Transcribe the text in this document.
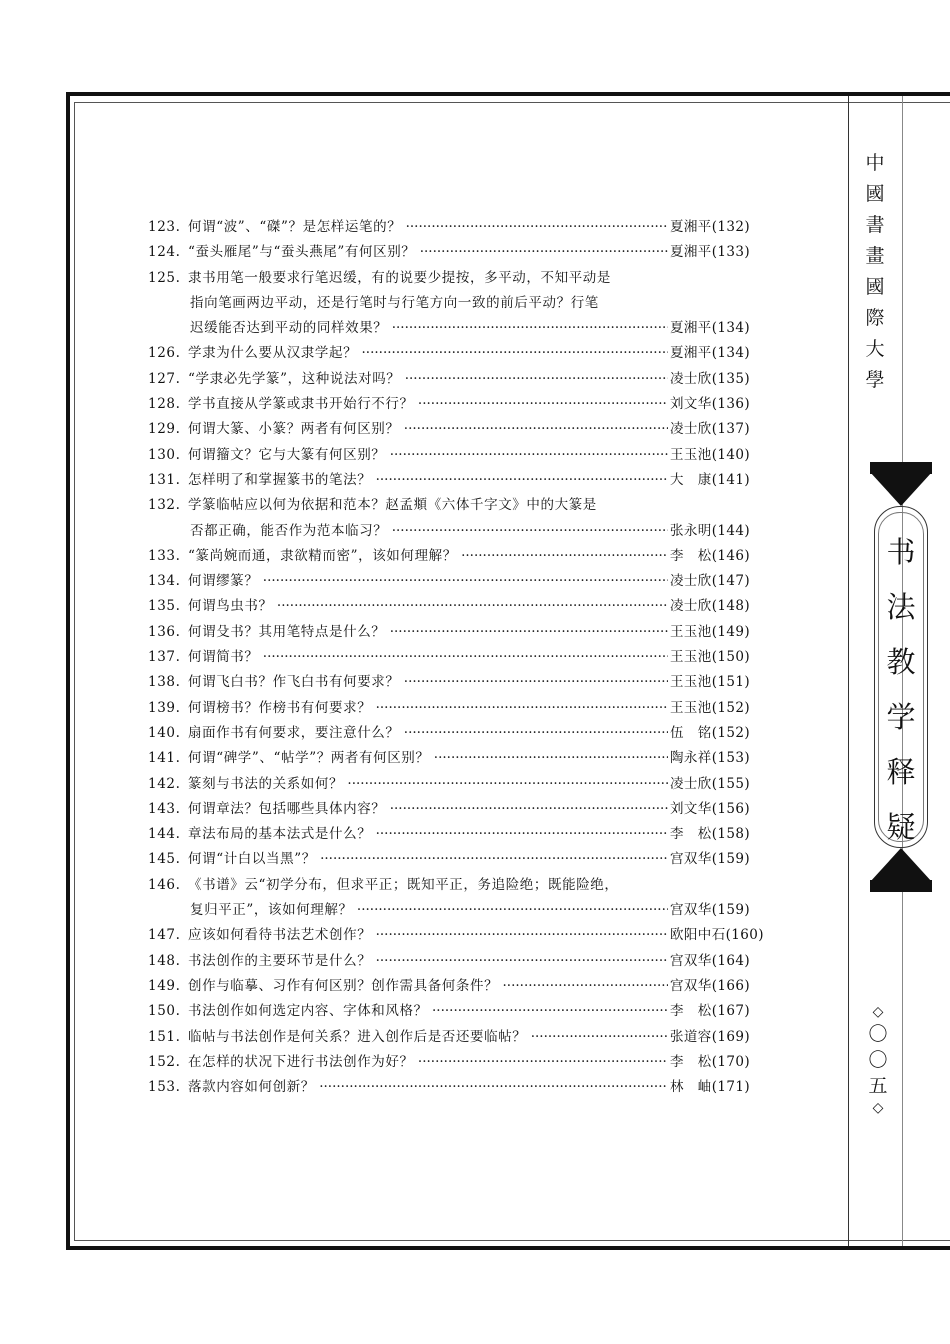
123. 何谓“波”、“磔”？是怎样运笔的？ ·····	夏湘平(132)
124. “蚕头雁尾”与“蚕头燕尾”有何区别？ ·····	夏湘平(133)
125. 隶书用笔一般要求行笔迟缓，有的说要少提按，多平动，不知平动是
指向笔画两边平动，还是行笔时与行笔方向一致的前后平动？行笔
迟缓能否达到平动的同样效果？ ·····	夏湘平(134)
126. 学隶为什么要从汉隶学起？ ·····	夏湘平(134)
127. “学隶必先学篆”，这种说法对吗？ ·····	凌士欣(135)
128. 学书直接从学篆或隶书开始行不行？ ·····	刘文华(136)
129. 何谓大篆、小篆？两者有何区别？ ·····	凌士欣(137)
130. 何谓籀文？它与大篆有何区别？ ·····	王玉池(140)
131. 怎样明了和掌握篆书的笔法？ ·····	大　康(141)
132. 学篆临帖应以何为依据和范本？赵孟頫《六体千字文》中的大篆是
否都正确，能否作为范本临习？ ·····	张永明(144)
133. “篆尚婉而通，隶欲精而密”，该如何理解？ ·····	李　松(146)
134. 何谓缪篆？ ·····	凌士欣(147)
135. 何谓鸟虫书？ ·····	凌士欣(148)
136. 何谓殳书？其用笔特点是什么？ ·····	王玉池(149)
137. 何谓简书？ ·····	王玉池(150)
138. 何谓飞白书？作飞白书有何要求？ ·····	王玉池(151)
139. 何谓榜书？作榜书有何要求？ ·····	王玉池(152)
140. 扇面作书有何要求，要注意什么？ ·····	伍　铭(152)
141. 何谓“碑学”、“帖学”？两者有何区别？ ·····	陶永祥(153)
142. 篆刻与书法的关系如何？ ·····	凌士欣(155)
143. 何谓章法？包括哪些具体内容？ ·····	刘文华(156)
144. 章法布局的基本法式是什么？ ·····	李　松(158)
145. 何谓“计白以当黑”？ ·····	宫双华(159)
146. 《书谱》云“初学分布，但求平正；既知平正，务追险绝；既能险绝，
复归平正”，该如何理解？ ·····	宫双华(159)
147. 应该如何看待书法艺术创作？ ·····	欧阳中石(160)
148. 书法创作的主要环节是什么？ ·····	宫双华(164)
149. 创作与临摹、习作有何区别？创作需具备何条件？ ·····	宫双华(166)
150. 书法创作如何选定内容、字体和风格？ ·····	李　松(167)
151. 临帖与书法创作是何关系？进入创作后是否还要临帖？ ·····	张道容(169)
152. 在怎样的状况下进行书法创作为好？ ·····	李　松(170)
153. 落款内容如何创新？ ·····	林　岫(171)
中
國
書
畫
國
際
大
學
书
法
教
学
释
疑
◇
〇
〇
五
◇
